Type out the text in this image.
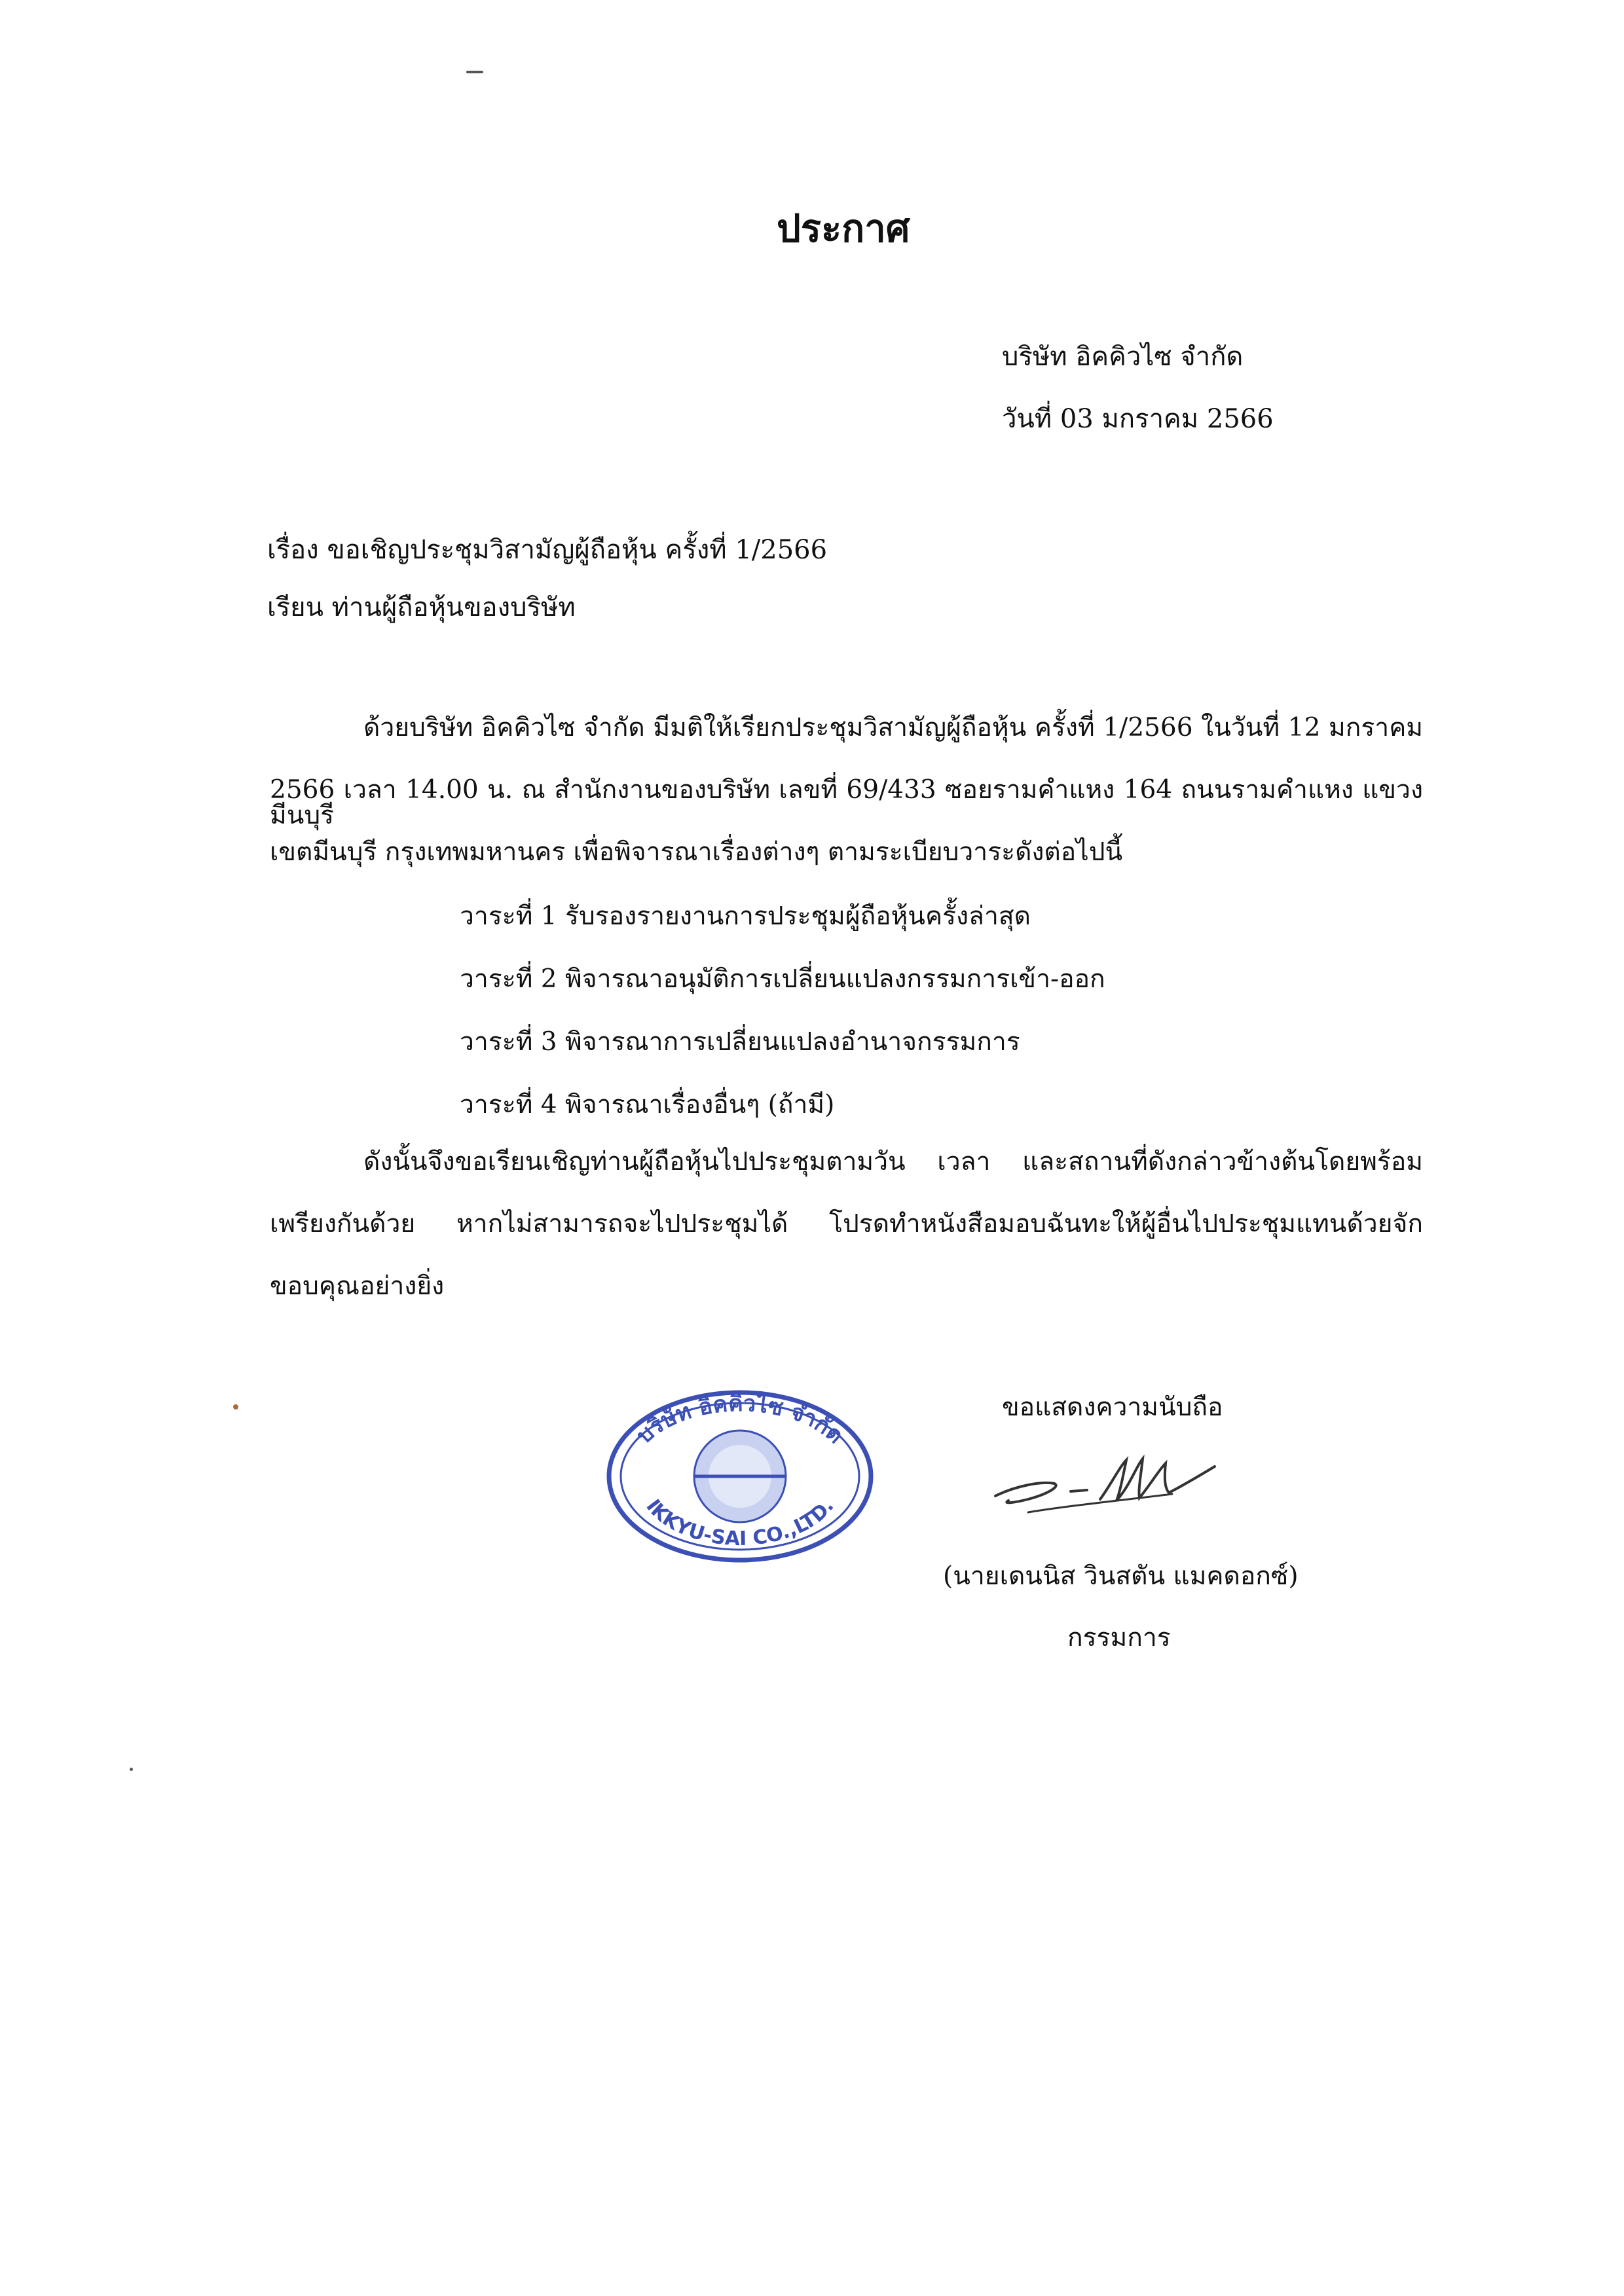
ประกาศ
บริษัท อิคคิวไซ จำกัด
วันที่ 03 มกราคม 2566
เรื่อง ขอเชิญประชุมวิสามัญผู้ถือหุ้น ครั้งที่ 1/2566
เรียน ท่านผู้ถือหุ้นของบริษัท
ด้วยบริษัท อิคคิวไซ จำกัด มีมติให้เรียกประชุมวิสามัญผู้ถือหุ้น ครั้งที่ 1/2566 ในวันที่ 12 มกราคม
2566 เวลา 14.00 น. ณ สำนักงานของบริษัท เลขที่ 69/433 ซอยรามคำแหง 164 ถนนรามคำแหง แขวงมีนบุรี
เขตมีนบุรี กรุงเทพมหานคร เพื่อพิจารณาเรื่องต่างๆ ตามระเบียบวาระดังต่อไปนี้
วาระที่ 1 รับรองรายงานการประชุมผู้ถือหุ้นครั้งล่าสุด
วาระที่ 2 พิจารณาอนุมัติการเปลี่ยนแปลงกรรมการเข้า-ออก
วาระที่ 3 พิจารณาการเปลี่ยนแปลงอำนาจกรรมการ
วาระที่ 4 พิจารณาเรื่องอื่นๆ (ถ้ามี)
ดังนั้นจึงขอเรียนเชิญท่านผู้ถือหุ้นไปประชุมตามวัน เวลา และสถานที่ดังกล่าวข้างต้นโดยพร้อม
เพรียงกันด้วย หากไม่สามารถจะไปประชุมได้ โปรดทำหนังสือมอบฉันทะให้ผู้อื่นไปประชุมแทนด้วยจัก
ขอบคุณอย่างยิ่ง
ขอแสดงความนับถือ
บริษัท อิคคิวไซ จำกัด
IKKYU-SAI CO.,LTD.
(นายเดนนิส วินสตัน แมคดอกซ์)
กรรมการ
